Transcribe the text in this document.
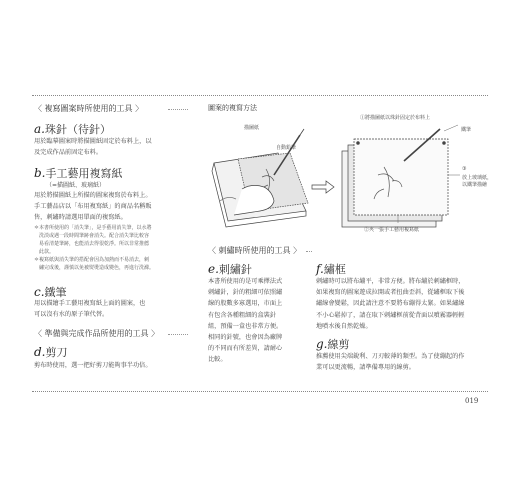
〈 複寫圖案時所使用的工具 〉
a.珠針（待針）
用於臨摹圖案時將描圖紙固定於布料上，以
及完成作品前固定布料。
b.手工藝用複寫紙
（=描圖紙、玻璃紙）
用於將描圖紙上所描的圖案複寫於布料上。
手工藝品店以「布用複寫紙」的商品名稱販
售，刺繡時請選用單面的複寫紙。
＊本書所使用的「消失筆」，是手藝用消失筆，以水將
　洗淡或遇一段時間筆跡會消失。配合消失筆比較容
　易看清楚筆跡，也能消去得很乾淨。所以非常推薦
　此款。
＊複寫紙與消失筆的搭配會因為加熱而不易消去，刺
　繡完成後，謹慎以免被熨燙造成變色，再進行洗滌。
c.鐵筆
用以描繪手工藝用複寫紙上面的圖案，也
可以沒有水的原子筆代替。
〈 準備與完成作品所使用的工具 〉
d.剪刀
剪布時使用，選一把好剪刀能夠事半功倍。
圖案的複寫方法
描圖紙
自動鉛筆
①將描圖紙以珠針固定於布料上
鐵筆
③
放上玻璃紙，
以鐵筆描繪
②夾一張手工藝用複寫紙
〈 刺繡時所使用的工具 〉
e.刺繡針
本書所使用的是可乘擇法式
刺繡針，針的粗細可依照繡
線的股數多寡選用，市面上
有包含各種粗細的盒裝針
組，預備一盒也非常方便。
相同的針號，也會因為廠牌
的不同而有所差異，請耐心
比較。
f.繡框
刺繡時可以將布繃平，非常方便。將布繃於刺繡框時，
如果複寫的圖案遊成拉開或者扭曲歪斜，從繡框取下後
繡線會變鬆，因此請注意不要將布繃得太緊。如果繡線
不小心鬆掉了，請在取下刺繡框前從背面以噴霧器輕輕
地噴水後自然乾燥。
g.線剪
推薦使用尖端銳利、刀刃較薄的類型。為了使繃起的作
業可以更流暢，請準備專用的線剪。
019
